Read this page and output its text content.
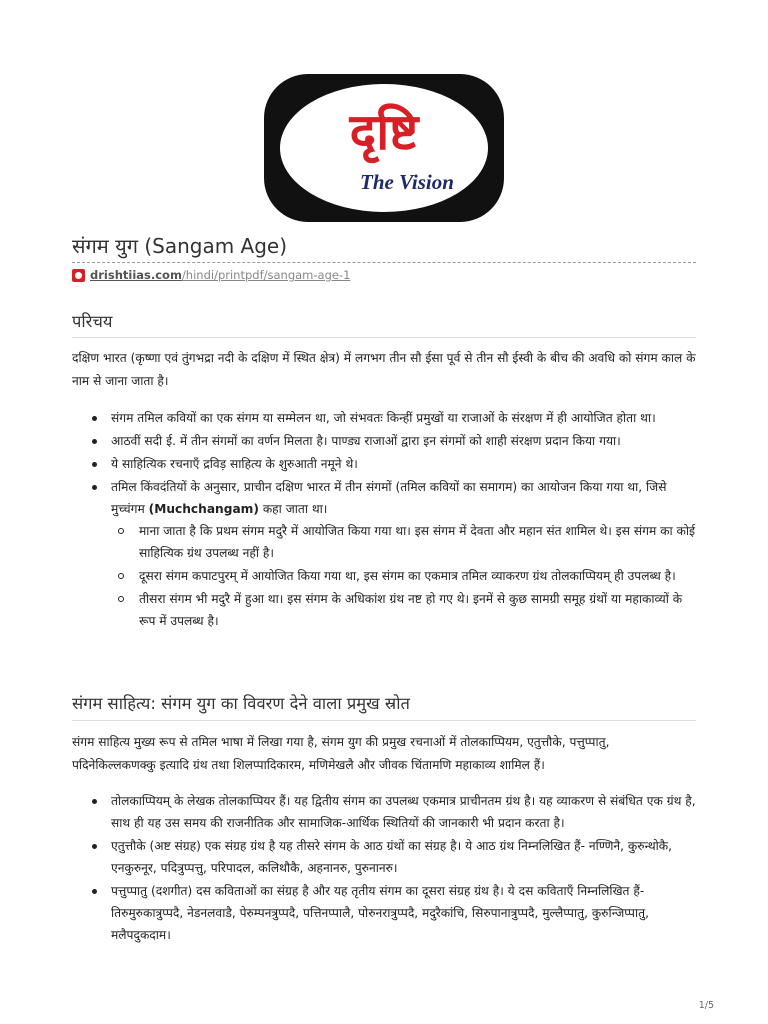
दृष्टि
The Vision
संगम युग (Sangam Age)
drishtiias.com /hindi/printpdf/sangam-age-1
परिचय

दक्षिण भारत (कृष्णा एवं तुंगभद्रा नदी के दक्षिण में स्थित क्षेत्र) में लगभग तीन सौ ईसा पूर्व से तीन सौ ईस्वी के बीच की अवधि को संगम काल के नाम से जाना जाता है।

संगम तमिल कवियों का एक संगम या सम्मेलन था, जो संभवतः किन्हीं प्रमुखों या राजाओं के संरक्षण में ही आयोजित होता था।
आठवीं सदी ई. में तीन संगमों का वर्णन मिलता है। पाण्ड्य राजाओं द्वारा इन संगमों को शाही संरक्षण प्रदान किया गया।
ये साहित्यिक रचनाएँ द्रविड़ साहित्य के शुरुआती नमूने थे।
तमिल किंवदंतियों के अनुसार, प्राचीन दक्षिण भारत में तीन संगमों (तमिल कवियों का समागम) का आयोजन किया गया था, जिसे मुच्चंगम (Muchchangam) कहा जाता था।
माना जाता है कि प्रथम संगम मदुरै में आयोजित किया गया था। इस संगम में देवता और महान संत शामिल थे। इस संगम का कोई साहित्यिक ग्रंथ उपलब्ध नहीं है।
दूसरा संगम कपाटपुरम् में आयोजित किया गया था, इस संगम का एकमात्र तमिल व्याकरण ग्रंथ तोलकाप्पियम् ही उपलब्ध है।
तीसरा संगम भी मदुरै में हुआ था। इस संगम के अधिकांश ग्रंथ नष्ट हो गए थे। इनमें से कुछ सामग्री समूह ग्रंथों या महाकाव्यों के रूप में उपलब्ध है।
संगम साहित्य: संगम युग का विवरण देने वाला प्रमुख स्रोत

संगम साहित्य मुख्य रूप से तमिल भाषा में लिखा गया है, संगम युग की प्रमुख रचनाओं में तोलकाप्पियम, एतुत्तौके, पत्तुप्पातु, पदिनेकिल्लकणक्कु इत्यादि ग्रंथ तथा शिलप्पादिकारम, मणिमेखलै और जीवक चिंतामणि महाकाव्य शामिल हैं।

तोलकाप्पियम् के लेखक तोलकाप्पियर हैं। यह द्वितीय संगम का उपलब्ध एकमात्र प्राचीनतम ग्रंथ है। यह व्याकरण से संबंधित एक ग्रंथ है, साथ ही यह उस समय की राजनीतिक और सामाजिक-आर्थिक स्थितियों की जानकारी भी प्रदान करता है।
एतुत्तौके (अष्ट संग्रह) एक संग्रह ग्रंथ है यह तीसरे संगम के आठ ग्रंथों का संग्रह है। ये आठ ग्रंथ निम्नलिखित हैं- नण्णिनै, कुरुन्थोकै, एनकुरुनूर, पदित्रुप्पत्तु, परिपादल, कलिथौकै, अहनानरु, पुरुनानरु।
पत्तुप्पातु (दशगीत) दस कविताओं का संग्रह है और यह तृतीय संगम का दूसरा संग्रह ग्रंथ है। ये दस कविताएँ निम्नलिखित हैं- तिरुमुरुकात्रुप्पदै, नेडनलवाडै, पेरुम्पनत्रुप्पदै, पत्तिनप्पालै, पोरुनरात्रुप्पदै, मदुरैकांचि, सिरुपानात्रुप्पदै, मुल्लैप्पातु, कुरुन्जिप्पातु, मलैपदुकदाम।
1/5
